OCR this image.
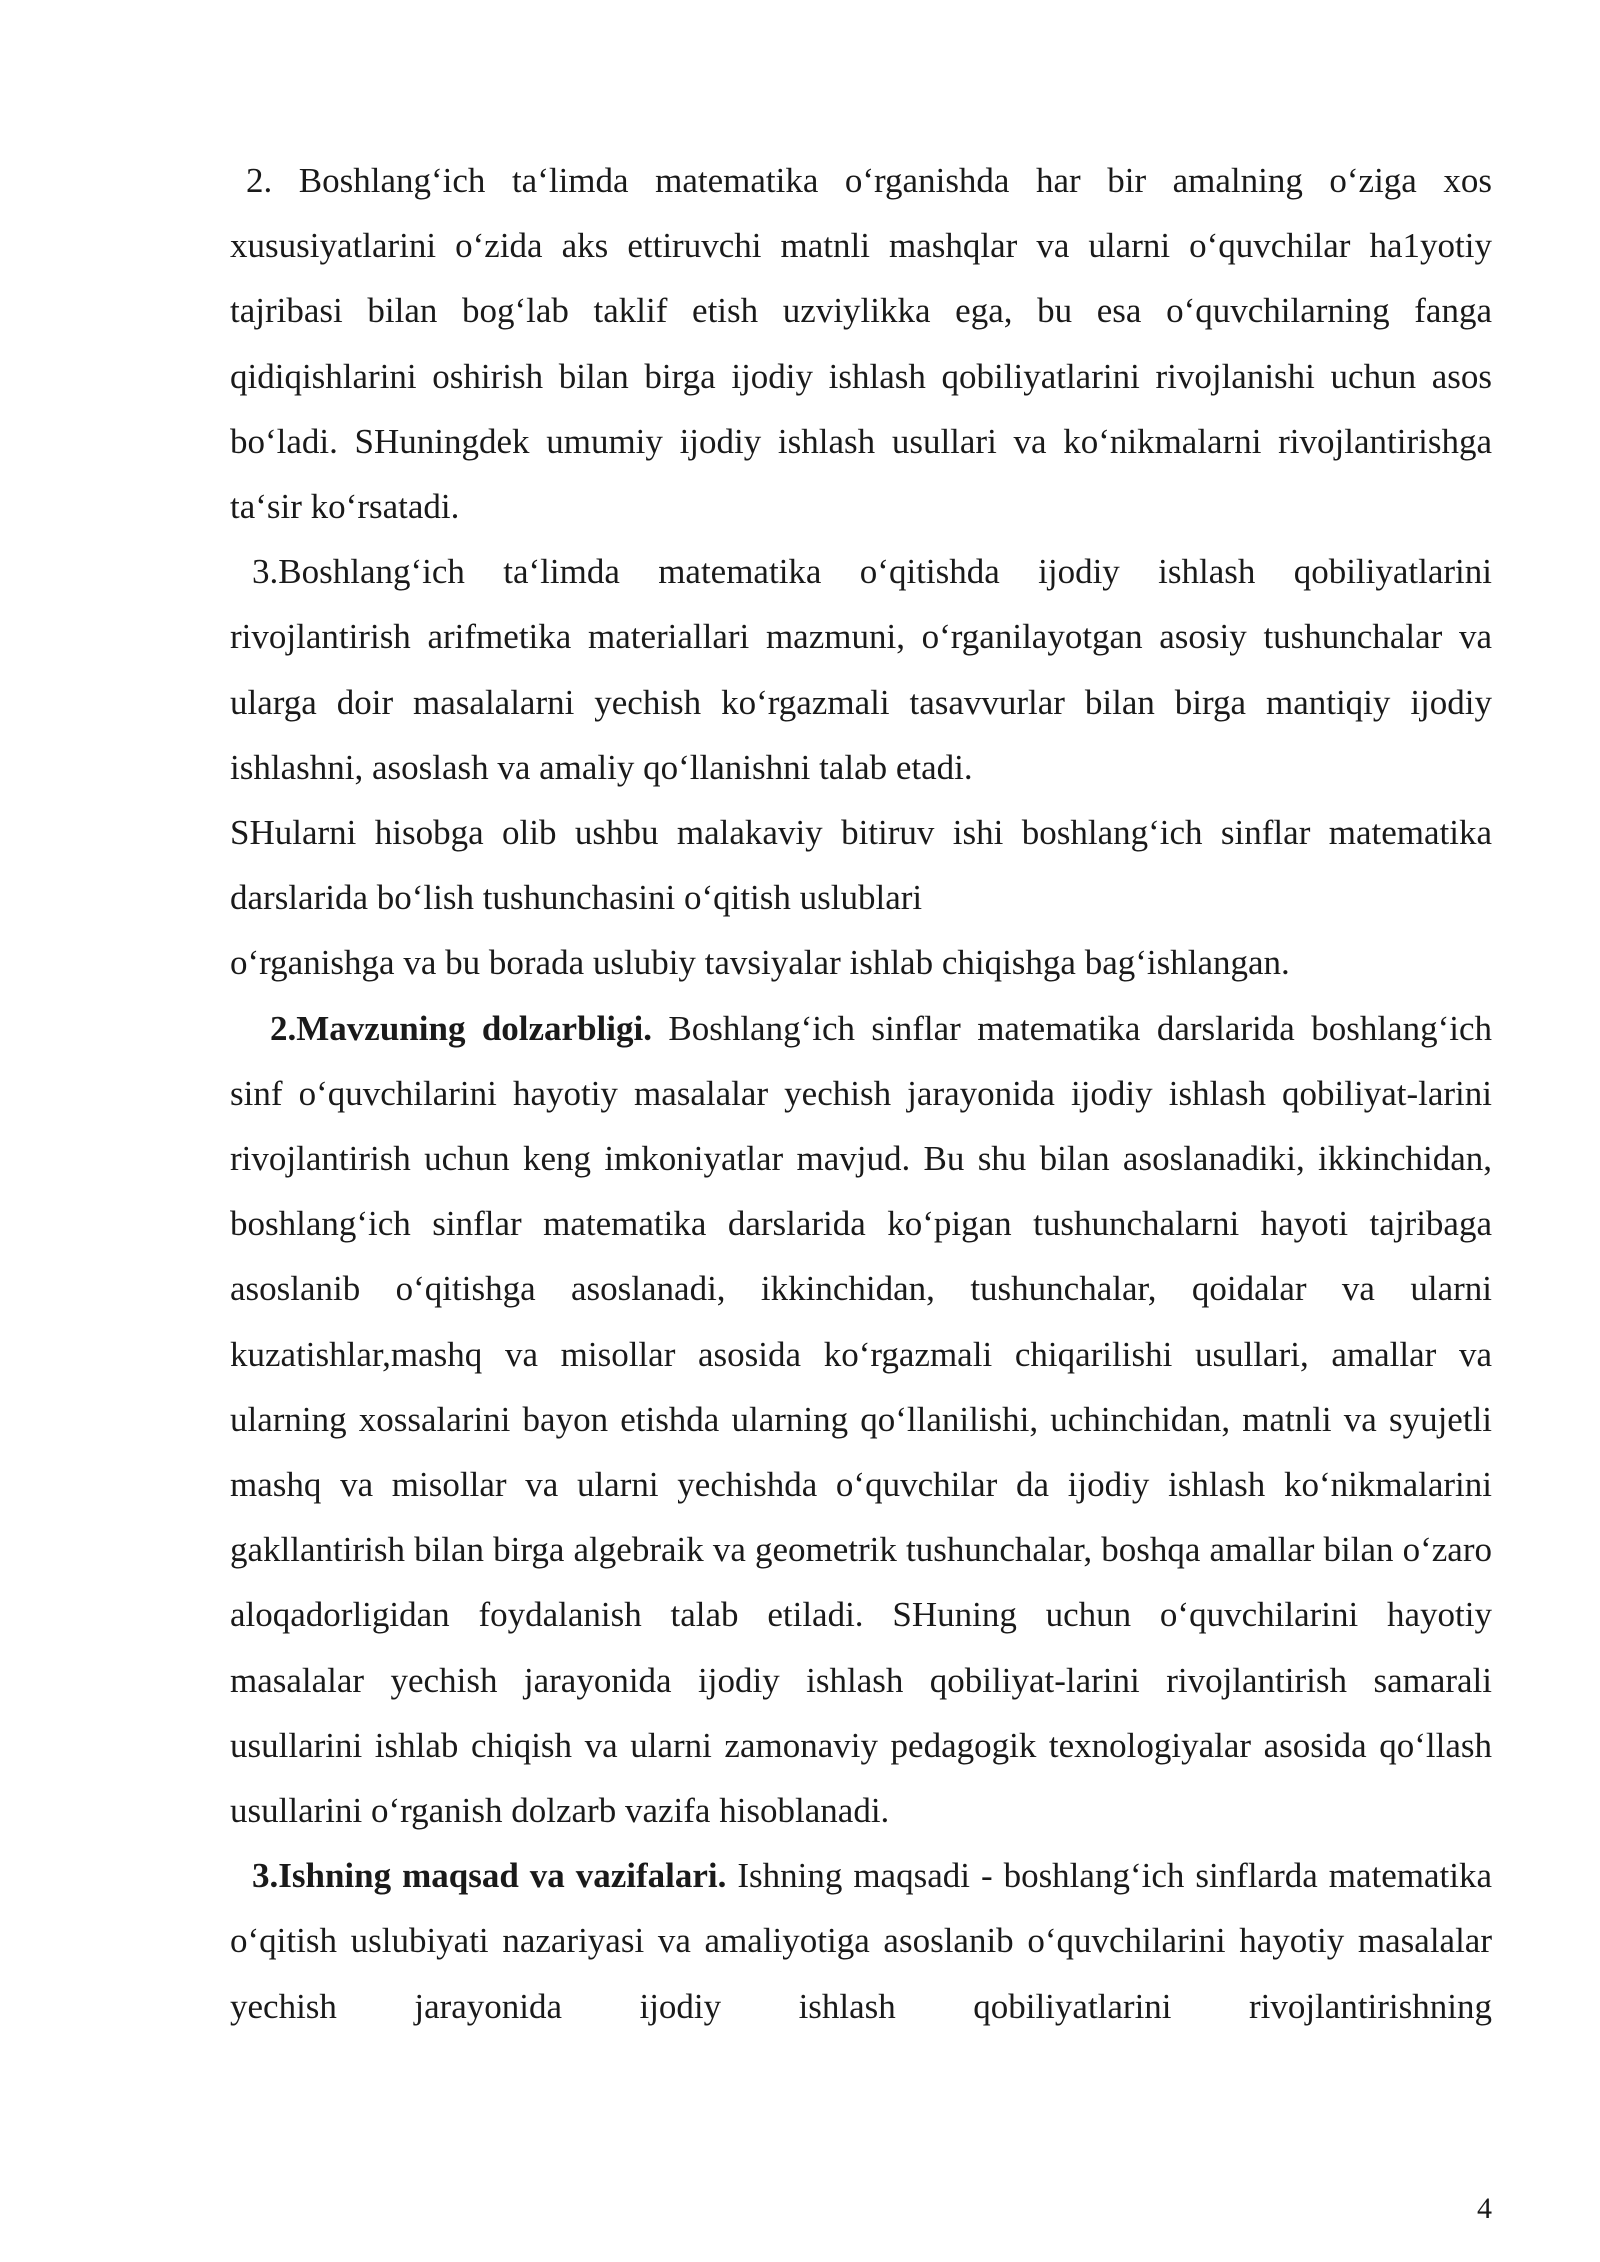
2. Boshlang‘ich ta‘limda matematika o‘rganishda har bir amalning o‘ziga xos xususiyatlarini o‘zida aks ettiruvchi matnli mashqlar va ularni o‘quvchilar ha1yotiy tajribasi bilan bog‘lab taklif etish uzviylikka ega, bu esa o‘quvchilarning fanga qidiqishlarini oshirish bilan birga ijodiy ishlash qobiliyatlarini rivojlanishi uchun asos bo‘ladi. SHuningdek umumiy ijodiy ishlash usullari va ko‘nikmalarni rivojlantirishga ta‘sir ko‘rsatadi.

3.Boshlang‘ich ta‘limda matematika o‘qitishda ijodiy ishlash qobiliyatlarini rivojlantirish arifmetika materiallari mazmuni, o‘rganilayotgan asosiy tushunchalar va ularga doir masalalarni yechish ko‘rgazmali tasavvurlar bilan birga mantiqiy ijodiy ishlashni, asoslash va amaliy qo‘llanishni talab etadi.

SHularni hisobga olib ushbu malakaviy bitiruv ishi boshlang‘ich sinflar matematika

darslarida bo‘lish tushunchasini o‘qitish uslublari

o‘rganishga va bu borada uslubiy tavsiyalar ishlab chiqishga bag‘ishlangan.

2.Mavzuning dolzarbligi. Boshlang‘ich sinflar matematika darslarida boshlang‘ich sinf o‘quvchilarini hayotiy masalalar yechish jarayonida ijodiy ishlash qobiliyat-larini rivojlantirish uchun keng imkoniyatlar mavjud. Bu shu bilan asoslanadiki, ikkinchidan, boshlang‘ich sinflar matematika darslarida ko‘pigan tushunchalarni hayoti tajribaga asoslanib o‘qitishga asoslanadi, ikkinchidan, tushunchalar, qoidalar va ularni kuzatishlar,mashq va misollar asosida ko‘rgazmali chiqarilishi usullari, amallar va ularning xossalarini bayon etishda ularning qo‘llanilishi, uchinchidan, matnli va syujetli mashq va misollar va ularni yechishda o‘quvchilar da ijodiy ishlash ko‘nikmalarini gakllantirish bilan birga algebraik va geometrik tushunchalar, boshqa amallar bilan o‘zaro aloqadorligidan foydalanish talab etiladi. SHuning uchun o‘quvchilarini hayotiy masalalar yechish jarayonida ijodiy ishlash qobiliyat-larini rivojlantirish samarali usullarini ishlab chiqish va ularni zamonaviy pedagogik texnologiyalar asosida qo‘llash usullarini o‘rganish dolzarb vazifa hisoblanadi.

3.Ishning maqsad va vazifalari. Ishning maqsadi - boshlang‘ich sinflarda matematika o‘qitish uslubiyati nazariyasi va amaliyotiga asoslanib o‘quvchilarini hayotiy masalalar yechish jarayonida ijodiy ishlash qobiliyatlarini rivojlantirishning

4
